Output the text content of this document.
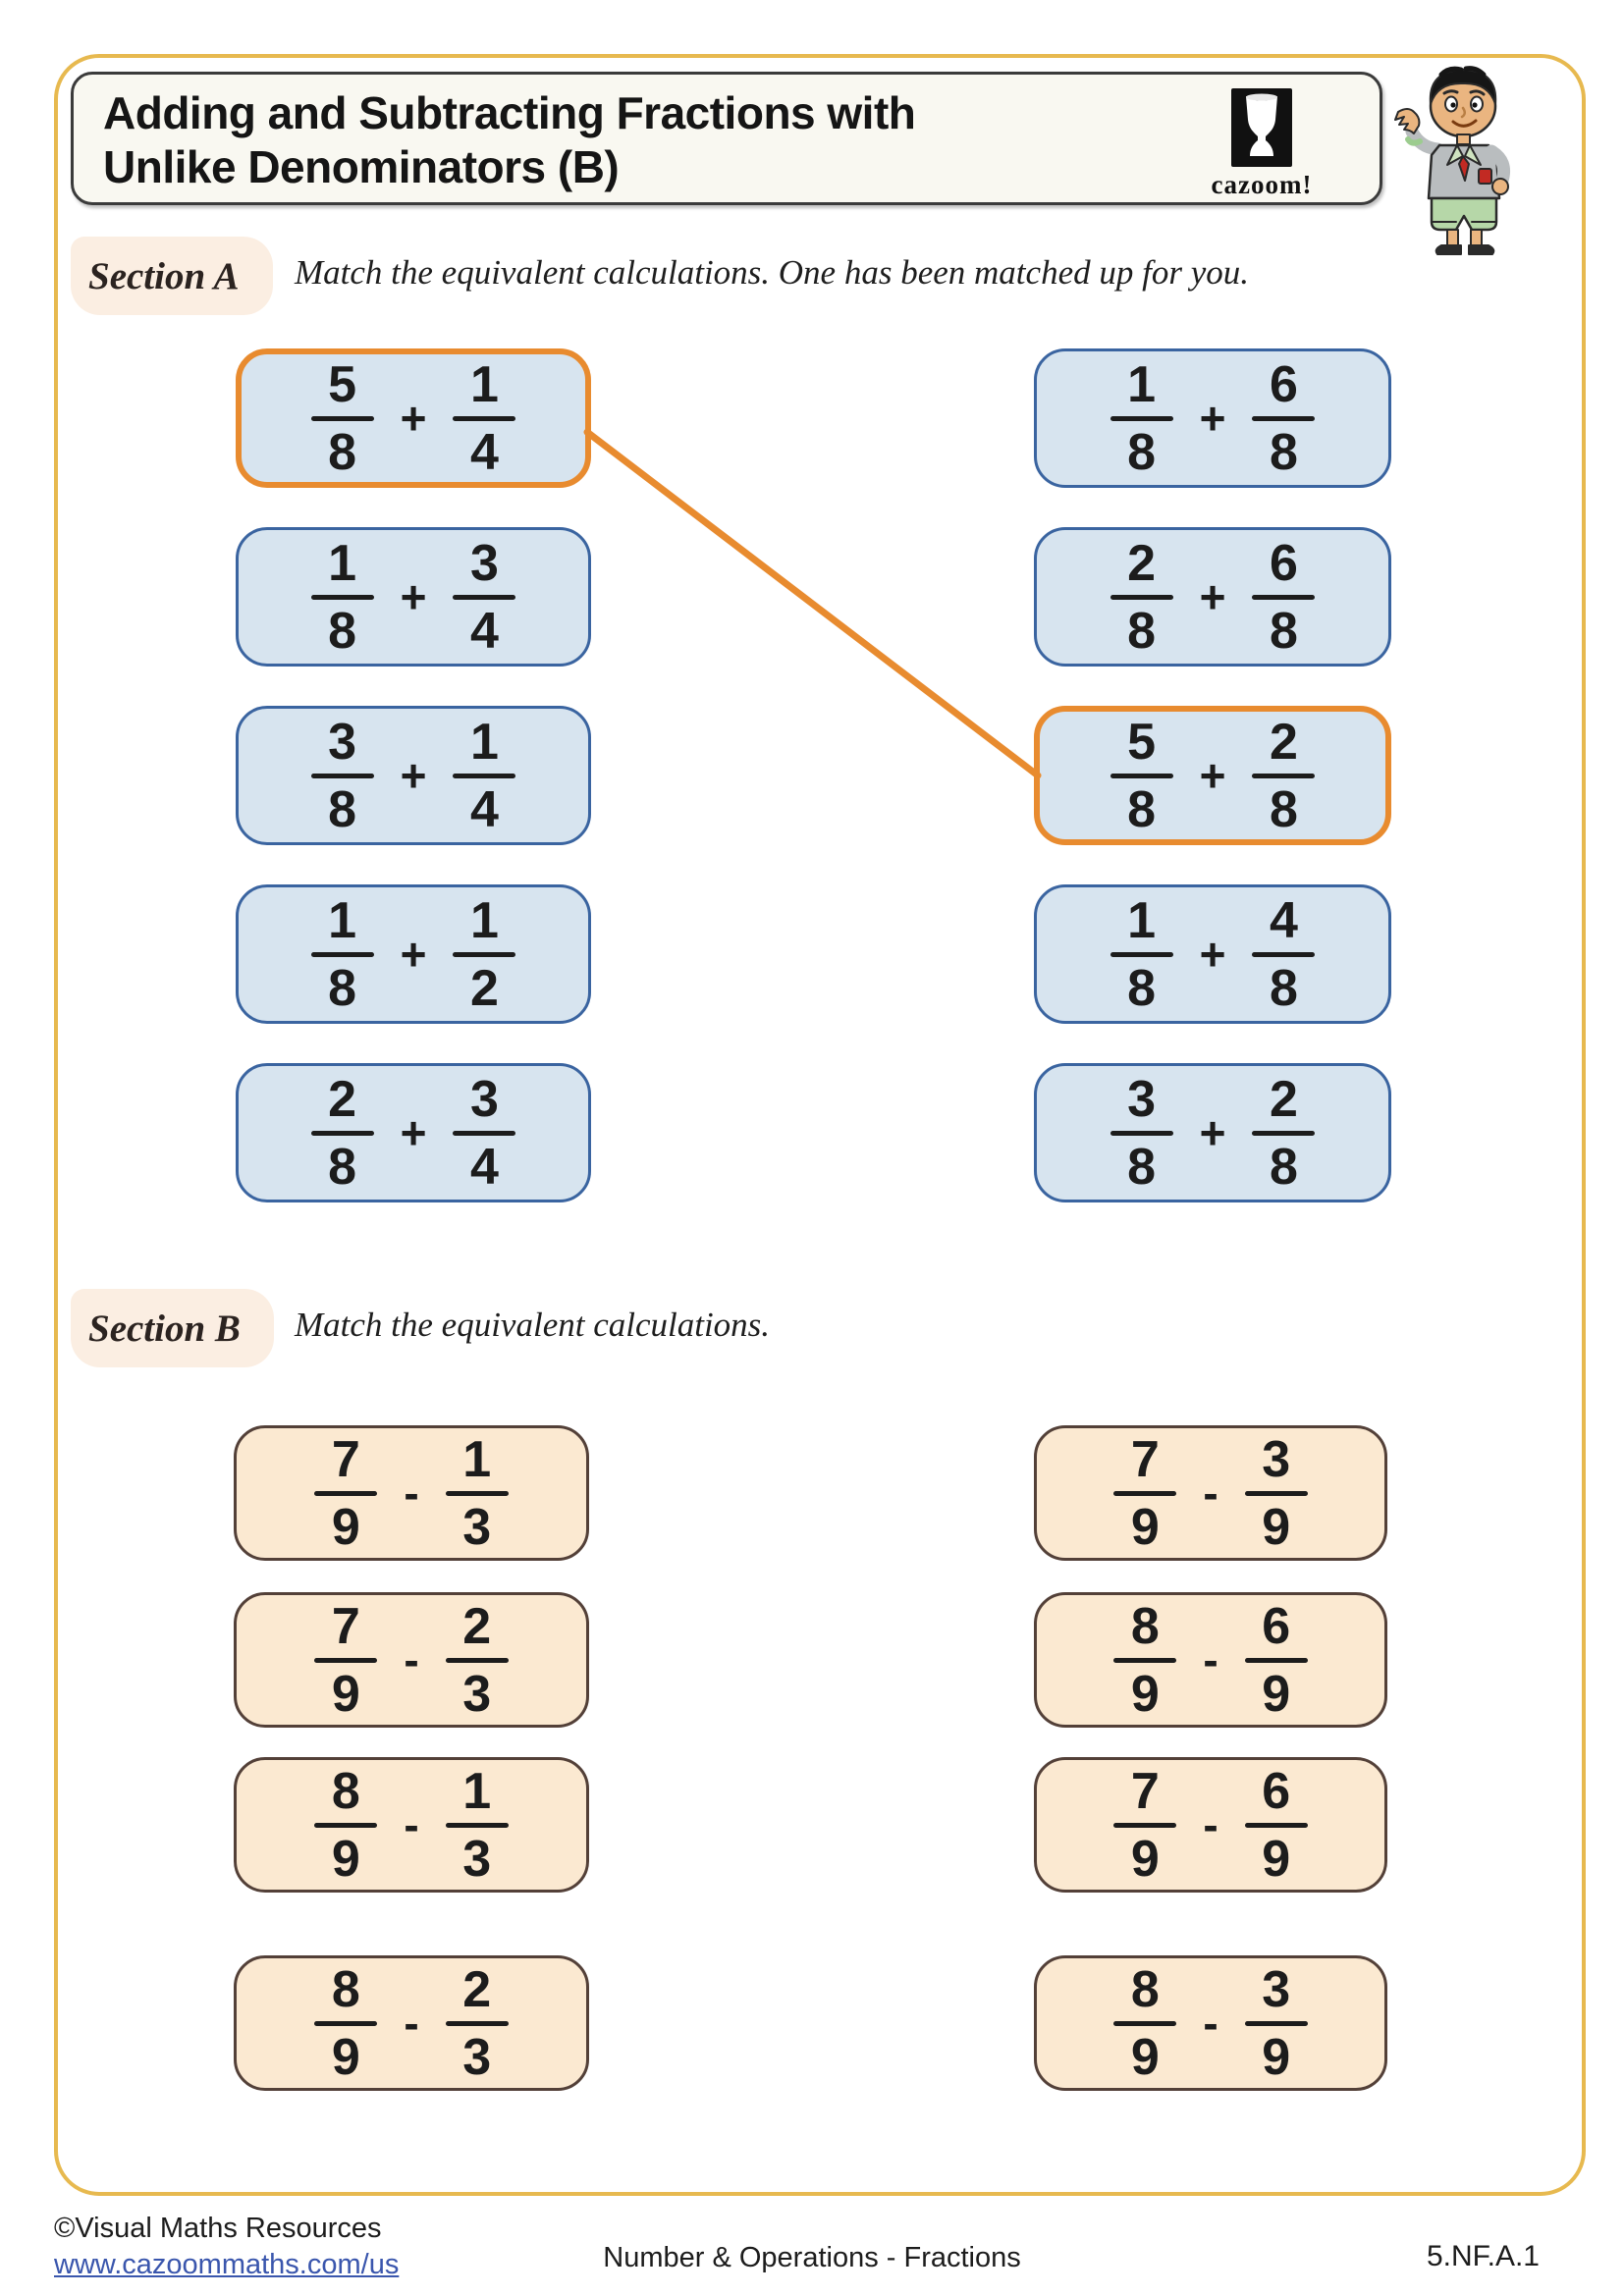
Adding and Subtracting Fractions with
Unlike Denominators (B)	cazoom!
Section A Match the equivalent calculations. One has been matched up for you.
5
8
+
1
4
1
8
+
3
4
3
8
+
1
4
1
8
+
1
2
2
8
+
3
4
1
8
+
6
8
2
8
+
6
8
5
8
+
2
8
1
8
+
4
8
3
8
+
2
8
Section B Match the equivalent calculations.
7
9
-
1
3
7
9
-
2
3
8
9
-
1
3
8
9
-
2
3
7
9
-
3
9
8
9
-
6
9
7
9
-
6
9
8
9
-
3
9
©Visual Maths Resources
www.cazoommaths.com/us	Number & Operations - Fractions	5.NF.A.1
